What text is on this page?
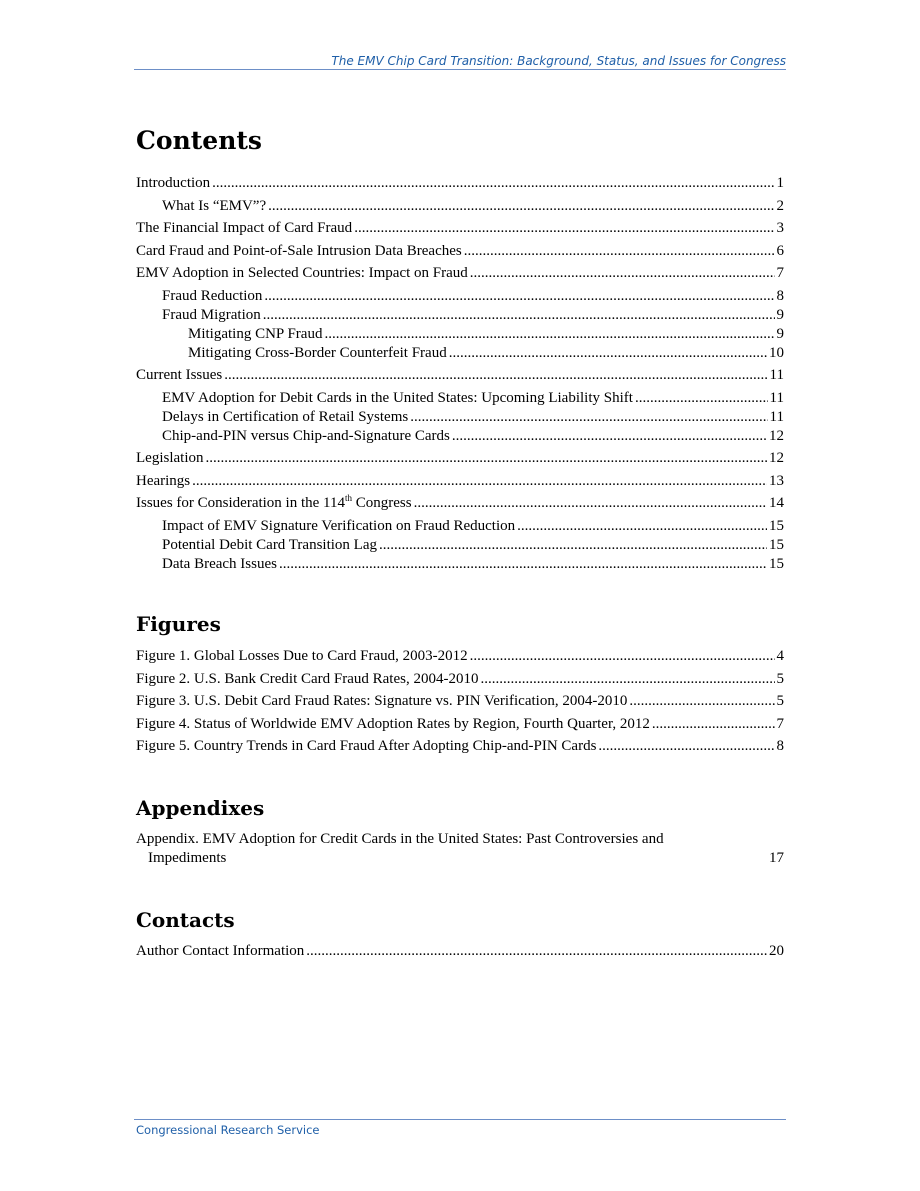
The EMV Chip Card Transition: Background, Status, and Issues for Congress
Contents
Introduction .....	1
What Is “EMV”? .....	2
The Financial Impact of Card Fraud .....	3
Card Fraud and Point-of-Sale Intrusion Data Breaches .....	6
EMV Adoption in Selected Countries: Impact on Fraud .....	7
Fraud Reduction .....	8
Fraud Migration .....	9
Mitigating CNP Fraud .....	9
Mitigating Cross-Border Counterfeit Fraud .....	10
Current Issues .....	11
EMV Adoption for Debit Cards in the United States: Upcoming Liability Shift .....	11
Delays in Certification of Retail Systems .....	11
Chip-and-PIN versus Chip-and-Signature Cards .....	12
Legislation .....	12
Hearings .....	13
Issues for Consideration in the 114th Congress .....	14
Impact of EMV Signature Verification on Fraud Reduction .....	15
Potential Debit Card Transition Lag .....	15
Data Breach Issues .....	15
Figures
Figure 1. Global Losses Due to Card Fraud, 2003-2012 .....	4
Figure 2. U.S. Bank Credit Card Fraud Rates, 2004-2010 .....	5
Figure 3. U.S. Debit Card Fraud Rates: Signature vs. PIN Verification, 2004-2010 .....	5
Figure 4. Status of Worldwide EMV Adoption Rates by Region, Fourth Quarter, 2012 .....	7
Figure 5. Country Trends in Card Fraud After Adopting Chip-and-PIN Cards .....	8
Appendixes
Appendix. EMV Adoption for Credit Cards in the United States: Past Controversies and
Impediments	17
Contacts
Author Contact Information .....	20
Congressional Research Service
